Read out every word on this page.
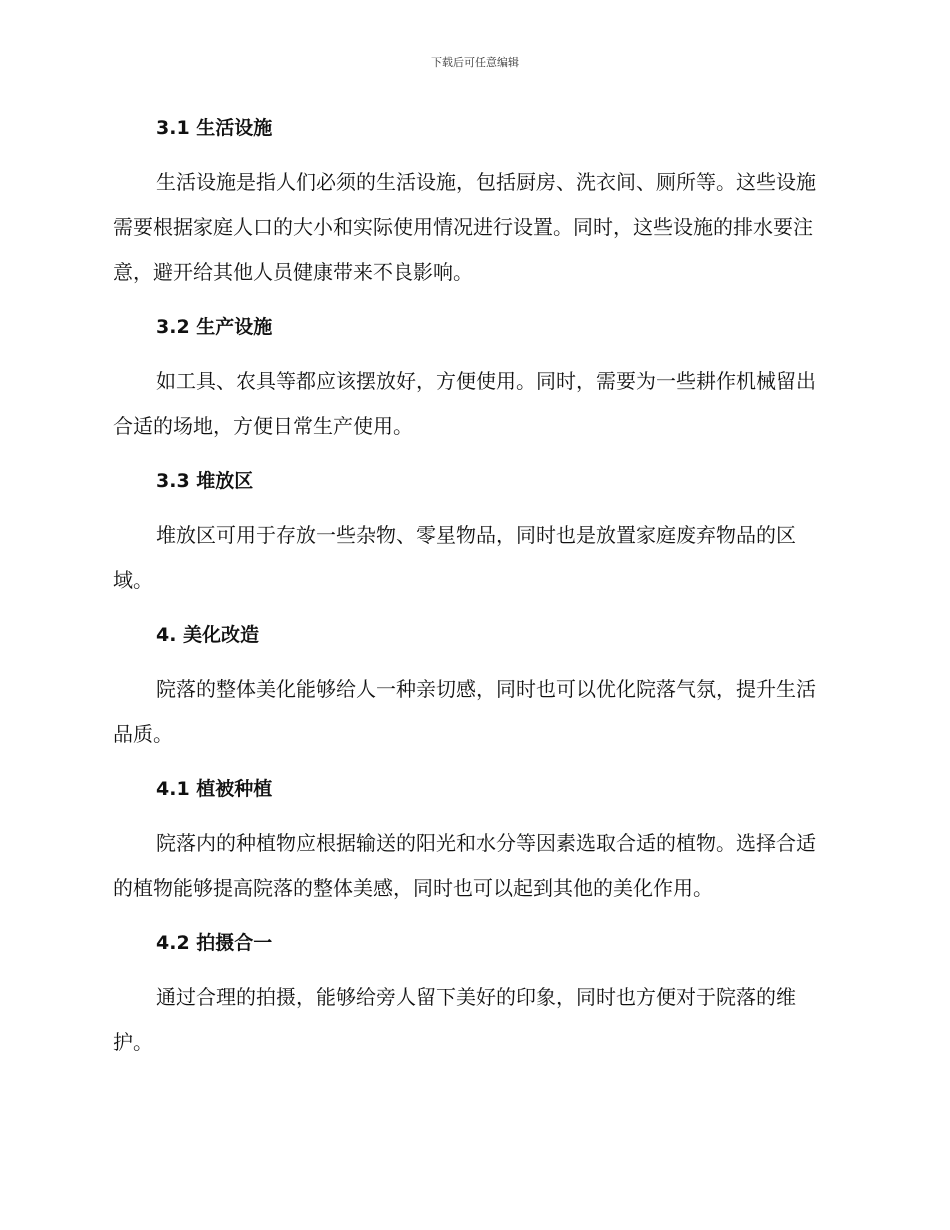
下载后可任意编辑
3.1 生活设施

生活设施是指人们必须的生活设施，包括厨房、洗衣间、厕所等。这些设施需要根据家庭人口的大小和实际使用情况进行设置。同时，这些设施的排水要注意，避开给其他人员健康带来不良影响。

3.2 生产设施

如工具、农具等都应该摆放好，方便使用。同时，需要为一些耕作机械留出合适的场地，方便日常生产使用。

3.3 堆放区

堆放区可用于存放一些杂物、零星物品，同时也是放置家庭废弃物品的区域。

4. 美化改造

院落的整体美化能够给人一种亲切感，同时也可以优化院落气氛，提升生活品质。

4.1 植被种植

院落内的种植物应根据输送的阳光和水分等因素选取合适的植物。选择合适的植物能够提高院落的整体美感，同时也可以起到其他的美化作用。

4.2 拍摄合一

通过合理的拍摄，能够给旁人留下美好的印象，同时也方便对于院落的维护。
